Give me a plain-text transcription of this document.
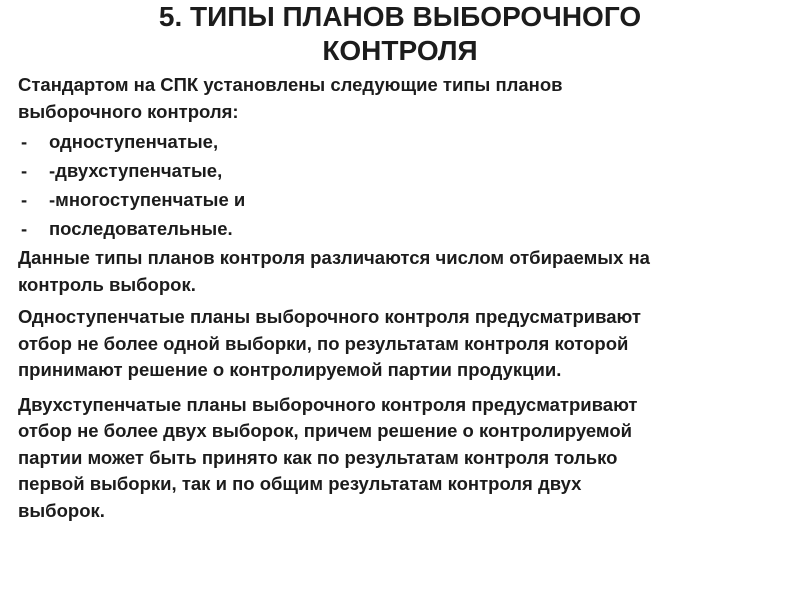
5. ТИПЫ ПЛАНОВ ВЫБОРОЧНОГО
КОНТРОЛЯ

Стандартом на СПК установлены следующие типы планов
выборочного контроля:

- одноступенчатые,
- -двухступенчатые,
- -многоступенчатые и
- последовательные.

Данные типы планов контроля различаются числом отбираемых на
контроль выборок.

Одноступенчатые планы выборочного контроля предусматривают
отбор не более одной выборки, по результатам контроля которой
принимают решение о контролируемой партии продукции.

Двухступенчатые планы выборочного контроля предусматривают
отбор не более двух выборок, причем решение о контролируемой
партии может быть принято как по результатам контроля только
первой выборки, так и по общим результатам контроля двух
выборок.
